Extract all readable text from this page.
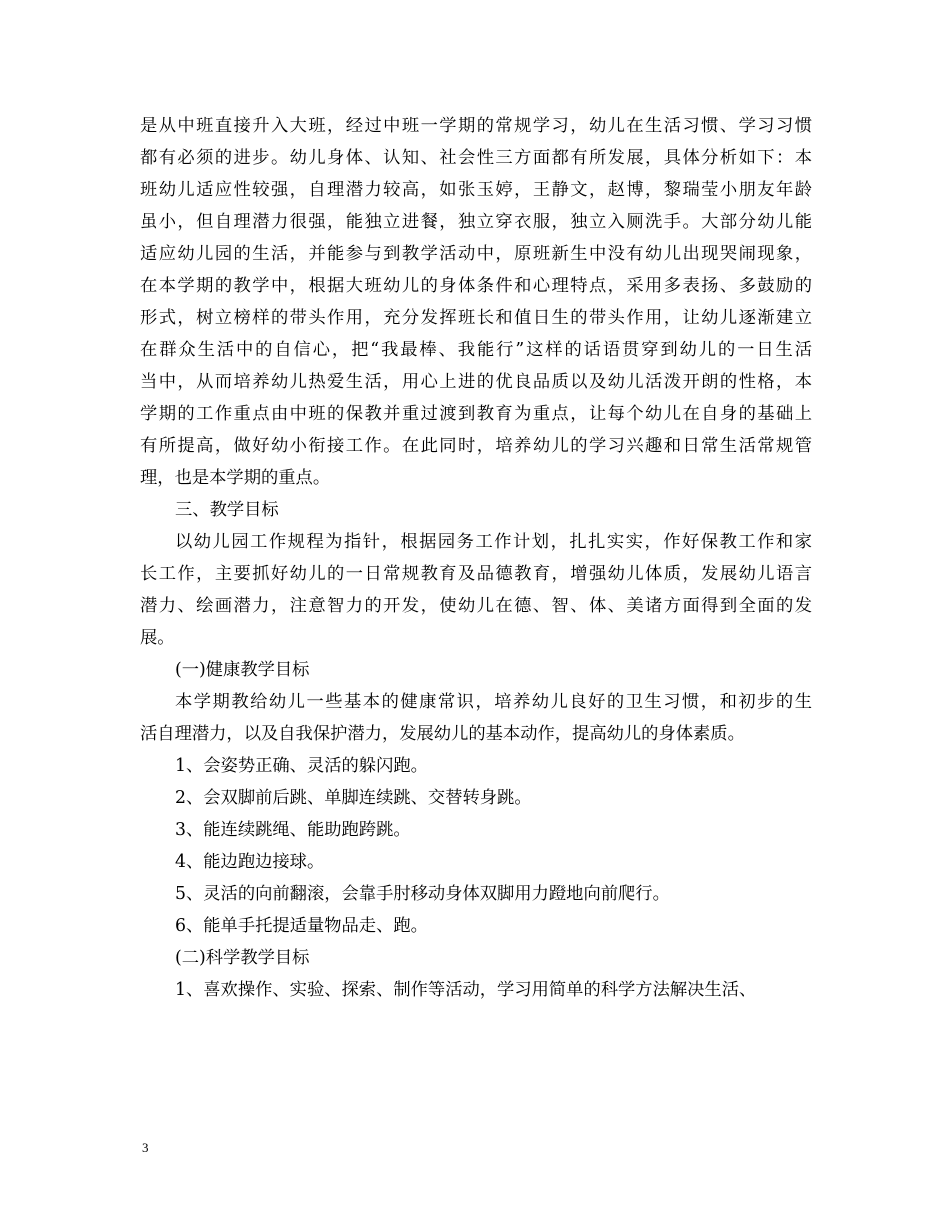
是从中班直接升入大班，经过中班一学期的常规学习，幼儿在生活习惯、学习习惯
都有必须的进步。幼儿身体、认知、社会性三方面都有所发展，具体分析如下：本
班幼儿适应性较强，自理潜力较高，如张玉婷，王静文，赵博，黎瑞莹小朋友年龄
虽小，但自理潜力很强，能独立进餐，独立穿衣服，独立入厕洗手。大部分幼儿能
适应幼儿园的生活，并能参与到教学活动中，原班新生中没有幼儿出现哭闹现象，
在本学期的教学中，根据大班幼儿的身体条件和心理特点，采用多表扬、多鼓励的
形式，树立榜样的带头作用，充分发挥班长和值日生的带头作用，让幼儿逐渐建立
在群众生活中的自信心，把“我最棒、我能行”这样的话语贯穿到幼儿的一日生活
当中，从而培养幼儿热爱生活，用心上进的优良品质以及幼儿活泼开朗的性格，本
学期的工作重点由中班的保教并重过渡到教育为重点，让每个幼儿在自身的基础上
有所提高，做好幼小衔接工作。在此同时，培养幼儿的学习兴趣和日常生活常规管
理，也是本学期的重点。
三、教学目标
以幼儿园工作规程为指针，根据园务工作计划，扎扎实实，作好保教工作和家
长工作，主要抓好幼儿的一日常规教育及品德教育，增强幼儿体质，发展幼儿语言
潜力、绘画潜力，注意智力的开发，使幼儿在德、智、体、美诸方面得到全面的发
展。
(一)健康教学目标
本学期教给幼儿一些基本的健康常识，培养幼儿良好的卫生习惯，和初步的生
活自理潜力，以及自我保护潜力，发展幼儿的基本动作，提高幼儿的身体素质。
1、会姿势正确、灵活的躲闪跑。
2、会双脚前后跳、单脚连续跳、交替转身跳。
3、能连续跳绳、能助跑跨跳。
4、能边跑边接球。
5、灵活的向前翻滚，会靠手肘移动身体双脚用力蹬地向前爬行。
6、能单手托提适量物品走、跑。
(二)科学教学目标
1、喜欢操作、实验、探索、制作等活动，学习用简单的科学方法解决生活、
3
